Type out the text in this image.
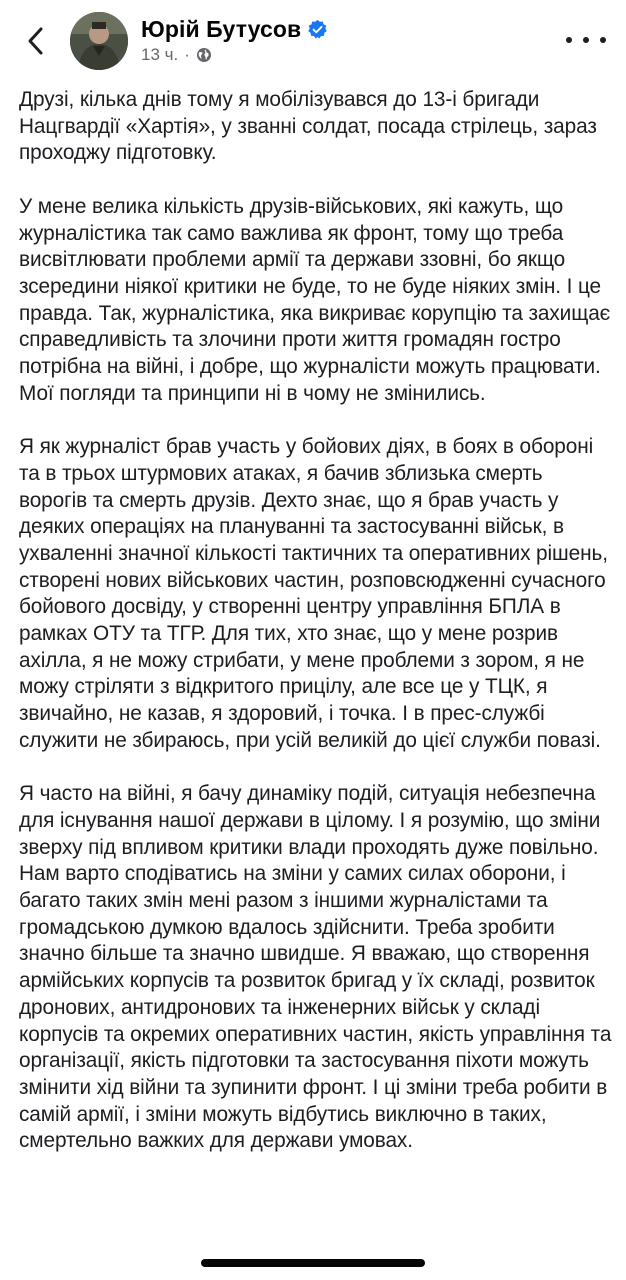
Юрій Бутусов
13 ч. ·

Друзі, кілька днів тому я мобілізувався до 13-і бригади Нацгвардії «Хартія», у званні солдат, посада стрілець, зараз проходжу підготовку.

У мене велика кількість друзів-військових, які кажуть, що журналістика так само важлива як фронт, тому що треба висвітлювати проблеми армії та держави ззовні, бо якщо зсередини ніякої критики не буде, то не буде ніяких змін. І це правда. Так, журналістика, яка викриває корупцію та захищає справедливість та злочини проти життя громадян гостро потрібна на війні, і добре, що журналісти можуть працювати. Мої погляди та принципи ні в чому не змінились.

Я як журналіст брав участь у бойових діях, в боях в обороні та в трьох штурмових атаках, я бачив зблизька смерть ворогів та смерть друзів. Дехто знає, що я брав участь у деяких операціях на плануванні та застосуванні військ, в ухваленні значної кількості тактичних та оперативних рішень, створені нових військових частин, розповсюдженні сучасного бойового досвіду, у створенні центру управління БПЛА в рамках ОТУ та ТГР. Для тих, хто знає, що у мене розрив ахілла, я не можу стрибати, у мене проблеми з зором, я не можу стріляти з відкритого прицілу, але все це у ТЦК, я звичайно, не казав, я здоровий, і точка. І в прес-службі служити не збираюсь, при усій великій до цієї служби повазі.

Я часто на війні, я бачу динаміку подій, ситуація небезпечна для існування нашої держави в цілому. І я розумію, що зміни зверху під впливом критики влади проходять дуже повільно. Нам варто сподіватись на зміни у самих силах оборони, і багато таких змін мені разом з іншими журналістами та громадською думкою вдалось здійснити. Треба зробити значно більше та значно швидше. Я вважаю, що створення армійських корпусів та розвиток бригад у їх складі, розвиток дронових, антидронових та інженерних військ у складі корпусів та окремих оперативних частин, якість управління та організації, якість підготовки та застосування піхоти можуть змінити хід війни та зупинити фронт. І ці зміни треба робити в самій армії, і зміни можуть відбутись виключно в таких, смертельно важких для держави умовах.
